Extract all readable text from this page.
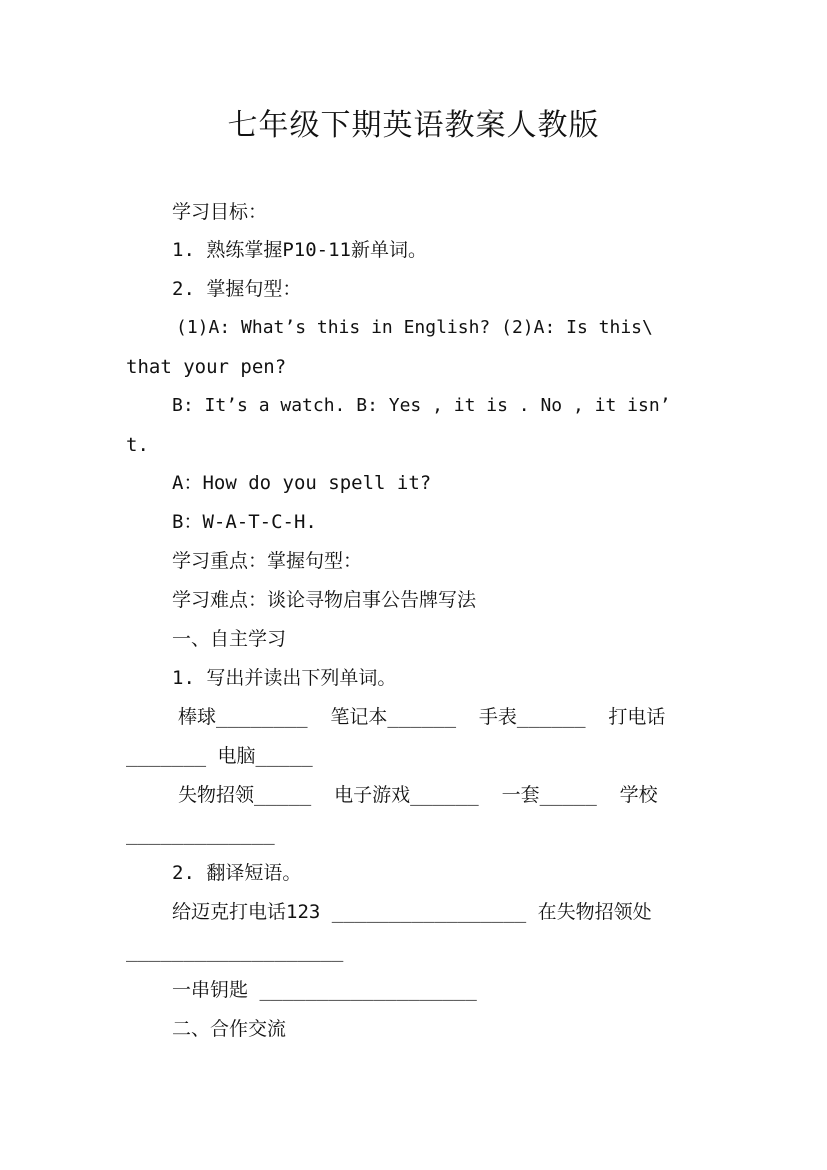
七年级下期英语教案人教版
学习目标：
1. 熟练掌握P10-11新单词。
2. 掌握句型：
(1)A: What’s this in English? (2)A: Is this\
that your pen?
B: It’s a watch. B: Yes , it is . No , it isn’
t.
A：How do you spell it?
B：W-A-T-C-H.
学习重点：掌握句型：
学习难点：谈论寻物启事公告牌写法
一、自主学习
1. 写出并读出下列单词。
棒球________  笔记本______  手表______  打电话
_______ 电脑_____
失物招领_____  电子游戏______  一套_____  学校
_____________
2. 翻译短语。
给迈克打电话123 _________________ 在失物招领处
___________________
一串钥匙 ___________________
二、合作交流
